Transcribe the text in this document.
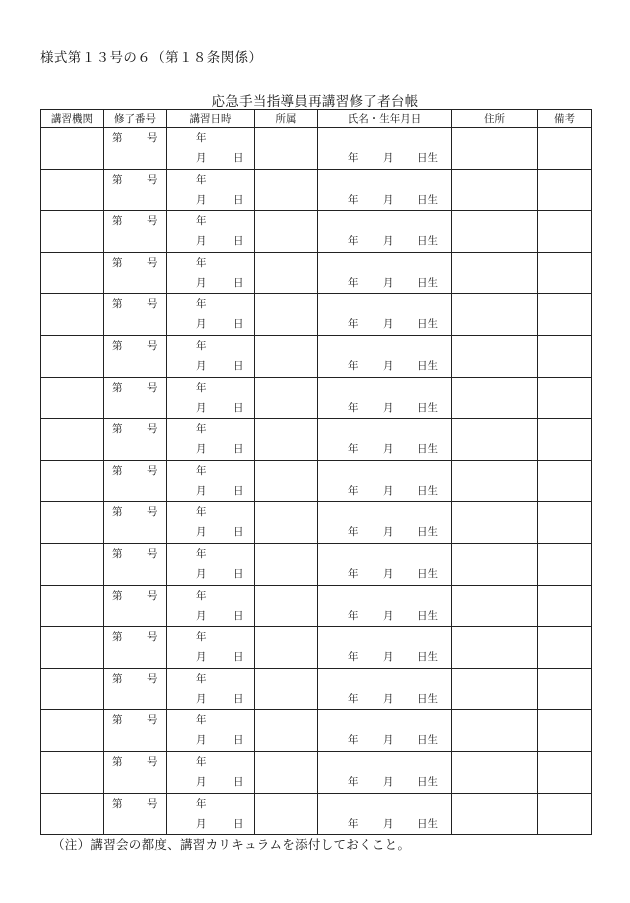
様式第１３号の６（第１８条関係）
応急手当指導員再講習修了者台帳
講習機関	修了番号	講習日時	所属	氏名・生年月日	住所	備考

	第 号	年
月 日		年 月 日生		

	第 号	年
月 日		年 月 日生		

	第 号	年
月 日		年 月 日生		

	第 号	年
月 日		年 月 日生		

	第 号	年
月 日		年 月 日生		

	第 号	年
月 日		年 月 日生		

	第 号	年
月 日		年 月 日生		

	第 号	年
月 日		年 月 日生		

	第 号	年
月 日		年 月 日生		

	第 号	年
月 日		年 月 日生		

	第 号	年
月 日		年 月 日生		

	第 号	年
月 日		年 月 日生		

	第 号	年
月 日		年 月 日生		

	第 号	年
月 日		年 月 日生		

	第 号	年
月 日		年 月 日生		

	第 号	年
月 日		年 月 日生		

	第 号	年
月 日		年 月 日生		

（注）講習会の都度、講習カリキュラムを添付しておくこと。
